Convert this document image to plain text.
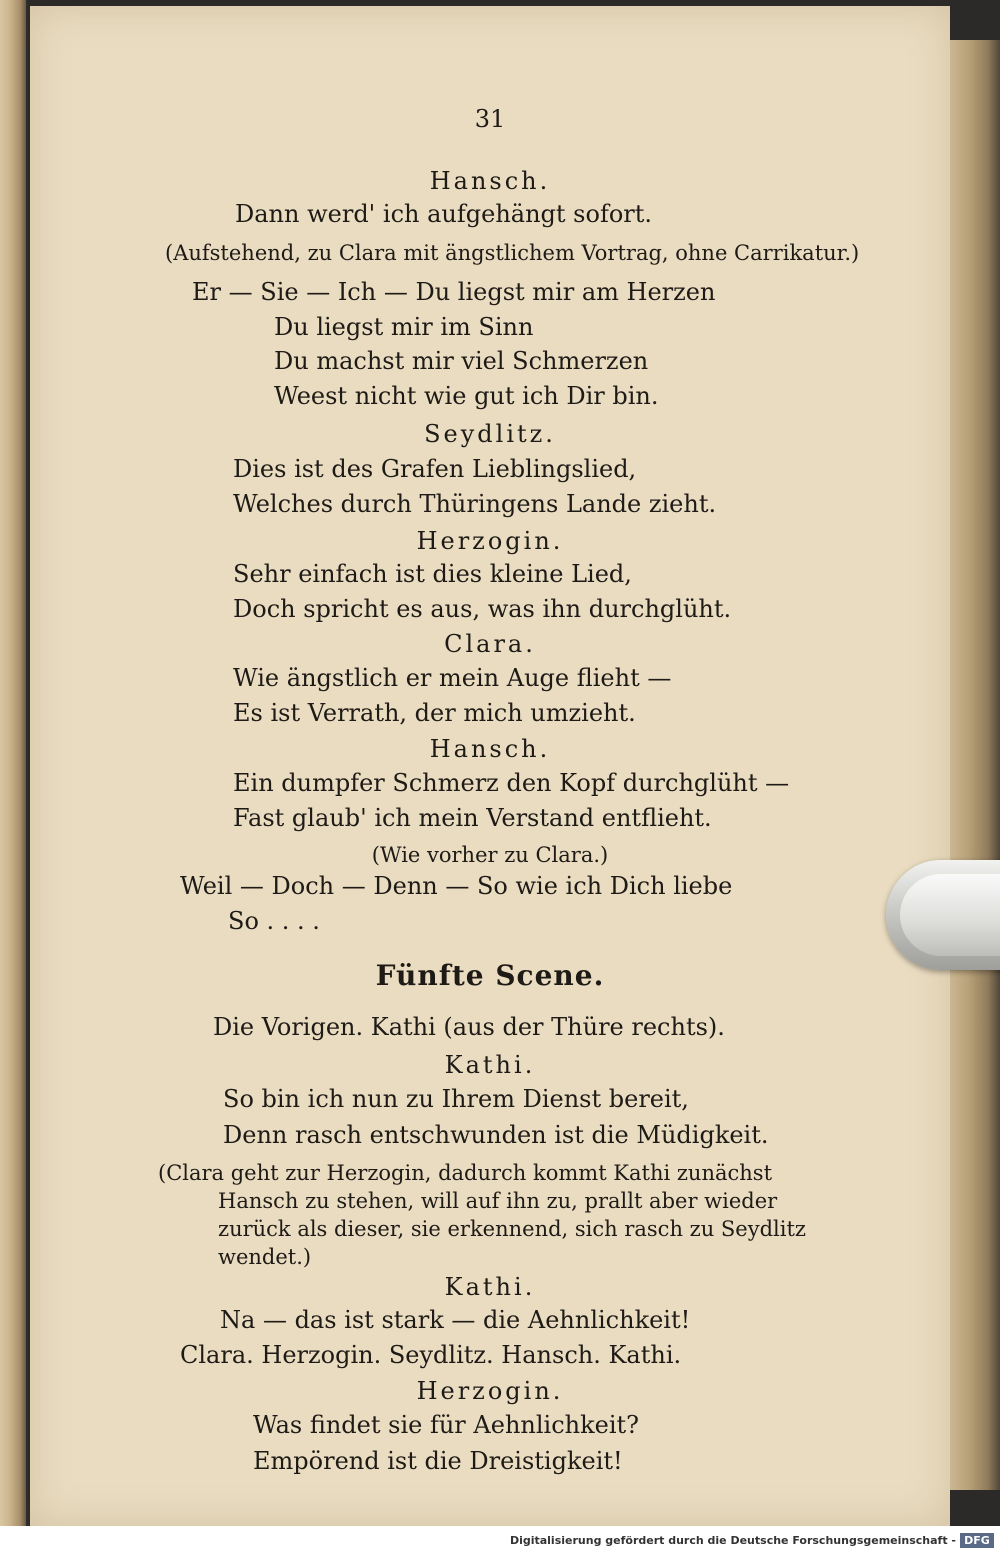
31
Hansch.
Dann werd' ich aufgehängt sofort.
(Aufstehend, zu Clara mit ängstlichem Vortrag, ohne Carrikatur.)
Er — Sie — Ich — Du liegst mir am Herzen
Du liegst mir im Sinn
Du machst mir viel Schmerzen
Weest nicht wie gut ich Dir bin.
Seydlitz.
Dies ist des Grafen Lieblingslied,
Welches durch Thüringens Lande zieht.
Herzogin.
Sehr einfach ist dies kleine Lied,
Doch spricht es aus, was ihn durchglüht.
Clara.
Wie ängstlich er mein Auge flieht —
Es ist Verrath, der mich umzieht.
Hansch.
Ein dumpfer Schmerz den Kopf durchglüht —
Fast glaub' ich mein Verstand entflieht.
(Wie vorher zu Clara.)
Weil — Doch — Denn — So wie ich Dich liebe
So . . . .
Fünfte Scene.
Die Vorigen. Kathi (aus der Thüre rechts).
Kathi.
So bin ich nun zu Ihrem Dienst bereit,
Denn rasch entschwunden ist die Müdigkeit.
(Clara geht zur Herzogin, dadurch kommt Kathi zunächst
Hansch zu stehen, will auf ihn zu, prallt aber wieder
zurück als dieser, sie erkennend, sich rasch zu Seydlitz
wendet.)
Kathi.
Na — das ist stark — die Aehnlichkeit!
Clara. Herzogin. Seydlitz. Hansch. Kathi.
Herzogin.
Was findet sie für Aehnlichkeit?
Empörend ist die Dreistigkeit!
Digitalisierung gefördert durch die Deutsche Forschungsgemeinschaft - DFG
